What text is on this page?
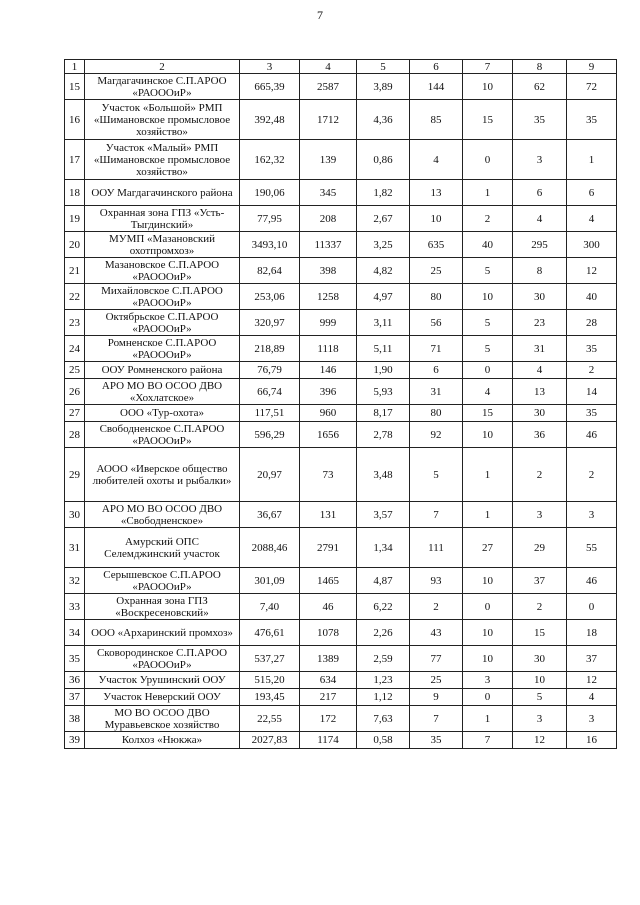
7
1	2	3	4	5	6	7	8	9
15	Магдагачинское С.П.АРОО «РАОООиР»	665,39	2587	3,89	144	10	62	72
16	Участок «Большой» РМП «Шимановское промысловое хозяйство»	392,48	1712	4,36	85	15	35	35
17	Участок «Малый» РМП «Шимановское промысловое хозяйство»	162,32	139	0,86	4	0	3	1
18	ООУ Магдагачинского района	190,06	345	1,82	13	1	6	6
19	Охранная зона ГПЗ «Усть-Тыгдинский»	77,95	208	2,67	10	2	4	4
20	МУМП «Мазановский охотпромхоз»	3493,10	11337	3,25	635	40	295	300
21	Мазановское С.П.АРОО «РАОООиР»	82,64	398	4,82	25	5	8	12
22	Михайловское С.П.АРОО «РАОООиР»	253,06	1258	4,97	80	10	30	40
23	Октябрьское С.П.АРОО «РАОООиР»	320,97	999	3,11	56	5	23	28
24	Ромненское С.П.АРОО «РАОООиР»	218,89	1118	5,11	71	5	31	35
25	ООУ Ромненского района	76,79	146	1,90	6	0	4	2
26	АРО МО ВО ОСОО ДВО «Хохлатское»	66,74	396	5,93	31	4	13	14
27	ООО «Тур-охота»	117,51	960	8,17	80	15	30	35
28	Свободненское С.П.АРОО «РАОООиР»	596,29	1656	2,78	92	10	36	46
29	АООО «Иверское общество любителей охоты и рыбалки»	20,97	73	3,48	5	1	2	2
30	АРО МО ВО ОСОО ДВО «Свободненское»	36,67	131	3,57	7	1	3	3
31	Амурский ОПС Селемджинский участок	2088,46	2791	1,34	111	27	29	55
32	Серышевское С.П.АРОО «РАОООиР»	301,09	1465	4,87	93	10	37	46
33	Охранная зона ГПЗ «Воскресеновский»	7,40	46	6,22	2	0	2	0
34	ООО «Архаринский промхоз»	476,61	1078	2,26	43	10	15	18
35	Сковородинское С.П.АРОО «РАОООиР»	537,27	1389	2,59	77	10	30	37
36	Участок Урушинский ООУ	515,20	634	1,23	25	3	10	12
37	Участок Неверский ООУ	193,45	217	1,12	9	0	5	4
38	МО ВО ОСОО ДВО Муравьевское хозяйство	22,55	172	7,63	7	1	3	3
39	Колхоз «Нюкжа»	2027,83	1174	0,58	35	7	12	16
